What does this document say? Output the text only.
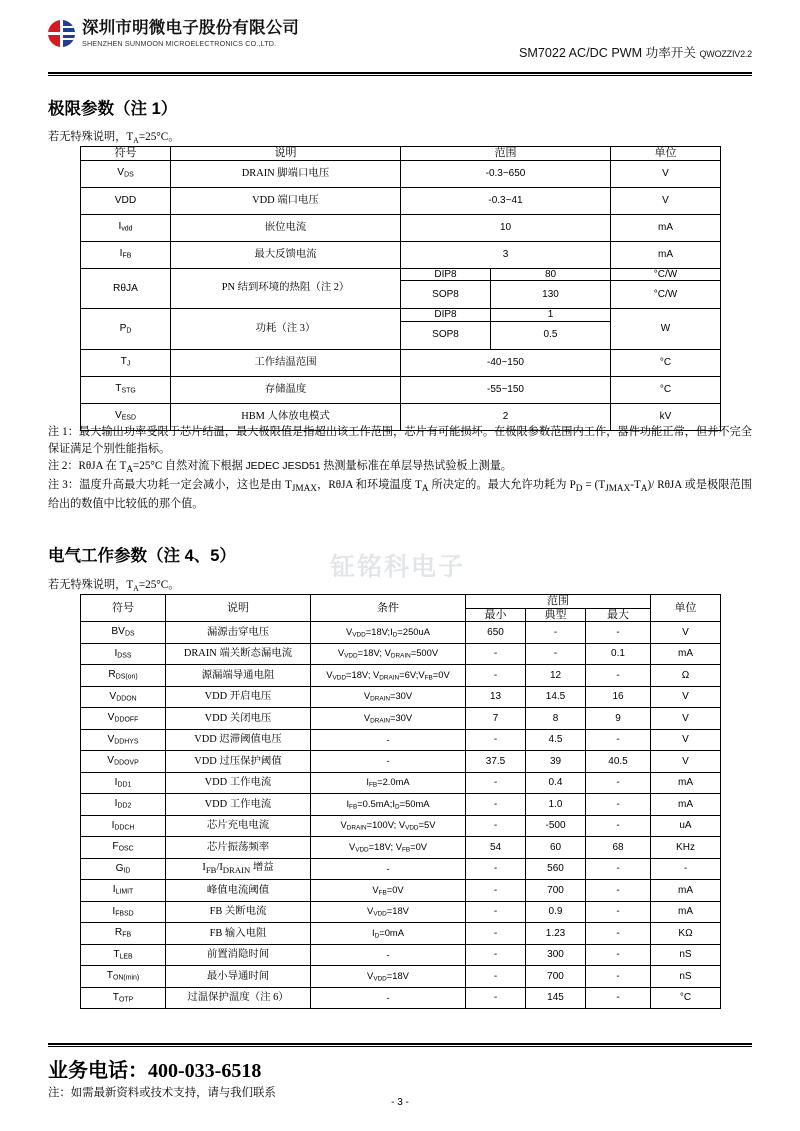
深圳市明微电子股份有限公司
SHENZHEN SUNMOON MICROELECTRONICS CO.,LTD.
SM7022 AC/DC PWM 功率开关 QWOZZIV2.2
极限参数（注 1）
若无特殊说明，$T_A=25^\circ C$。
符号	说明	范围		单位
$V_{DS}$	DRAIN 脚端口电压	-0.3~650		V
VDD	VDD 端口电压	-0.3~41		V
$I_{vdd}$	嵌位电流	10		mA
$I_{FB}$	最大反馈电流	3		mA
RθJA	PN 结到环境的热阻（注 2）	DIP8	80	°C/W
		SOP8	130	°C/W
$P_D$	功耗（注 3）	DIP8	1	W
		SOP8	0.5	
$T_J$	工作结温范围	-40~150		°C
$T_{STG}$	存储温度	-55~150		°C
$V_{ESD}$	HBM 人体放电模式	2		kV

注 1：最大输出功率受限于芯片结温，最大极限值是指超出该工作范围，芯片有可能损坏。在极限参数范围内工作，器件功能正常，但并不完全保证满足个别性能指标。

注 2：RθJA 在 $T_A=25^\circ C$ 自然对流下根据 JEDEC JESD51 热测量标准在单层导热试验板上测量。

注 3：温度升高最大功耗一定会减小，这也是由 $T_{JMAX}$，RθJA 和环境温度 $T_A$ 所决定的。最大允许功耗为 $P_D = (T_{JMAX}-T_A)/$ RθJA 或是极限范围给出的数值中比较低的那个值。

钲铭科电子
电气工作参数（注 4、5）
若无特殊说明，$T_A=25^\circ C$。
符号	说明	条件	范围			单位
			最小	典型	最大	
$BV_{DS}$	漏源击穿电压	$V_{VDD}=18V;I_D=250uA$	650	-	-	V
$I_{DSS}$	DRAIN 端关断态漏电流	$V_{VDD}=18V$; $V_{DRAIN}=500V$	-	-	0.1	mA
$R_{DS(on)}$	源漏端导通电阻	$V_{VDD}=18V$; $V_{DRAIN}=6V;V_{FB}=0V$	-	12	-	Ω
$V_{DDON}$	VDD 开启电压	$V_{DRAIN}=30V$	13	14.5	16	V
$V_{DDOFF}$	VDD 关闭电压	$V_{DRAIN}=30V$	7	8	9	V
$V_{DDHYS}$	VDD 迟滞阈值电压	-	-	4.5	-	V
$V_{DDOVP}$	VDD 过压保护阈值	-	37.5	39	40.5	V
$I_{DD1}$	VDD 工作电流	$I_{FB}=2.0mA$	-	0.4	-	mA
$I_{DD2}$	VDD 工作电流	$I_{FB}=0.5mA;I_D=50mA$	-	1.0	-	mA
$I_{DDCH}$	芯片充电电流	$V_{DRAIN}=100V$; $V_{VDD}=5V$	-	-500	-	uA
$F_{OSC}$	芯片振荡频率	$V_{VDD}=18V$; $V_{FB}=0V$	54	60	68	KHz
$G_{ID}$	$I_{FB}/I_{DRAIN}$ 增益	-	-	560	-	-
$I_{LIMIT}$	峰值电流阈值	$V_{FB}=0V$	-	700	-	mA
$I_{FBSD}$	FB 关断电流	$V_{VDD}=18V$	-	0.9	-	mA
$R_{FB}$	FB 输入电阻	$I_D=0mA$	-	1.23	-	KΩ
$T_{LEB}$	前置消隐时间	-	-	300	-	nS
$T_{ON(min)}$	最小导通时间	$V_{VDD}=18V$	-	700	-	nS
$T_{OTP}$	过温保护温度（注 6）	-	-	145	-	°C
业务电话：400-033-6518
注：如需最新资料或技术支持，请与我们联系
- 3 -
